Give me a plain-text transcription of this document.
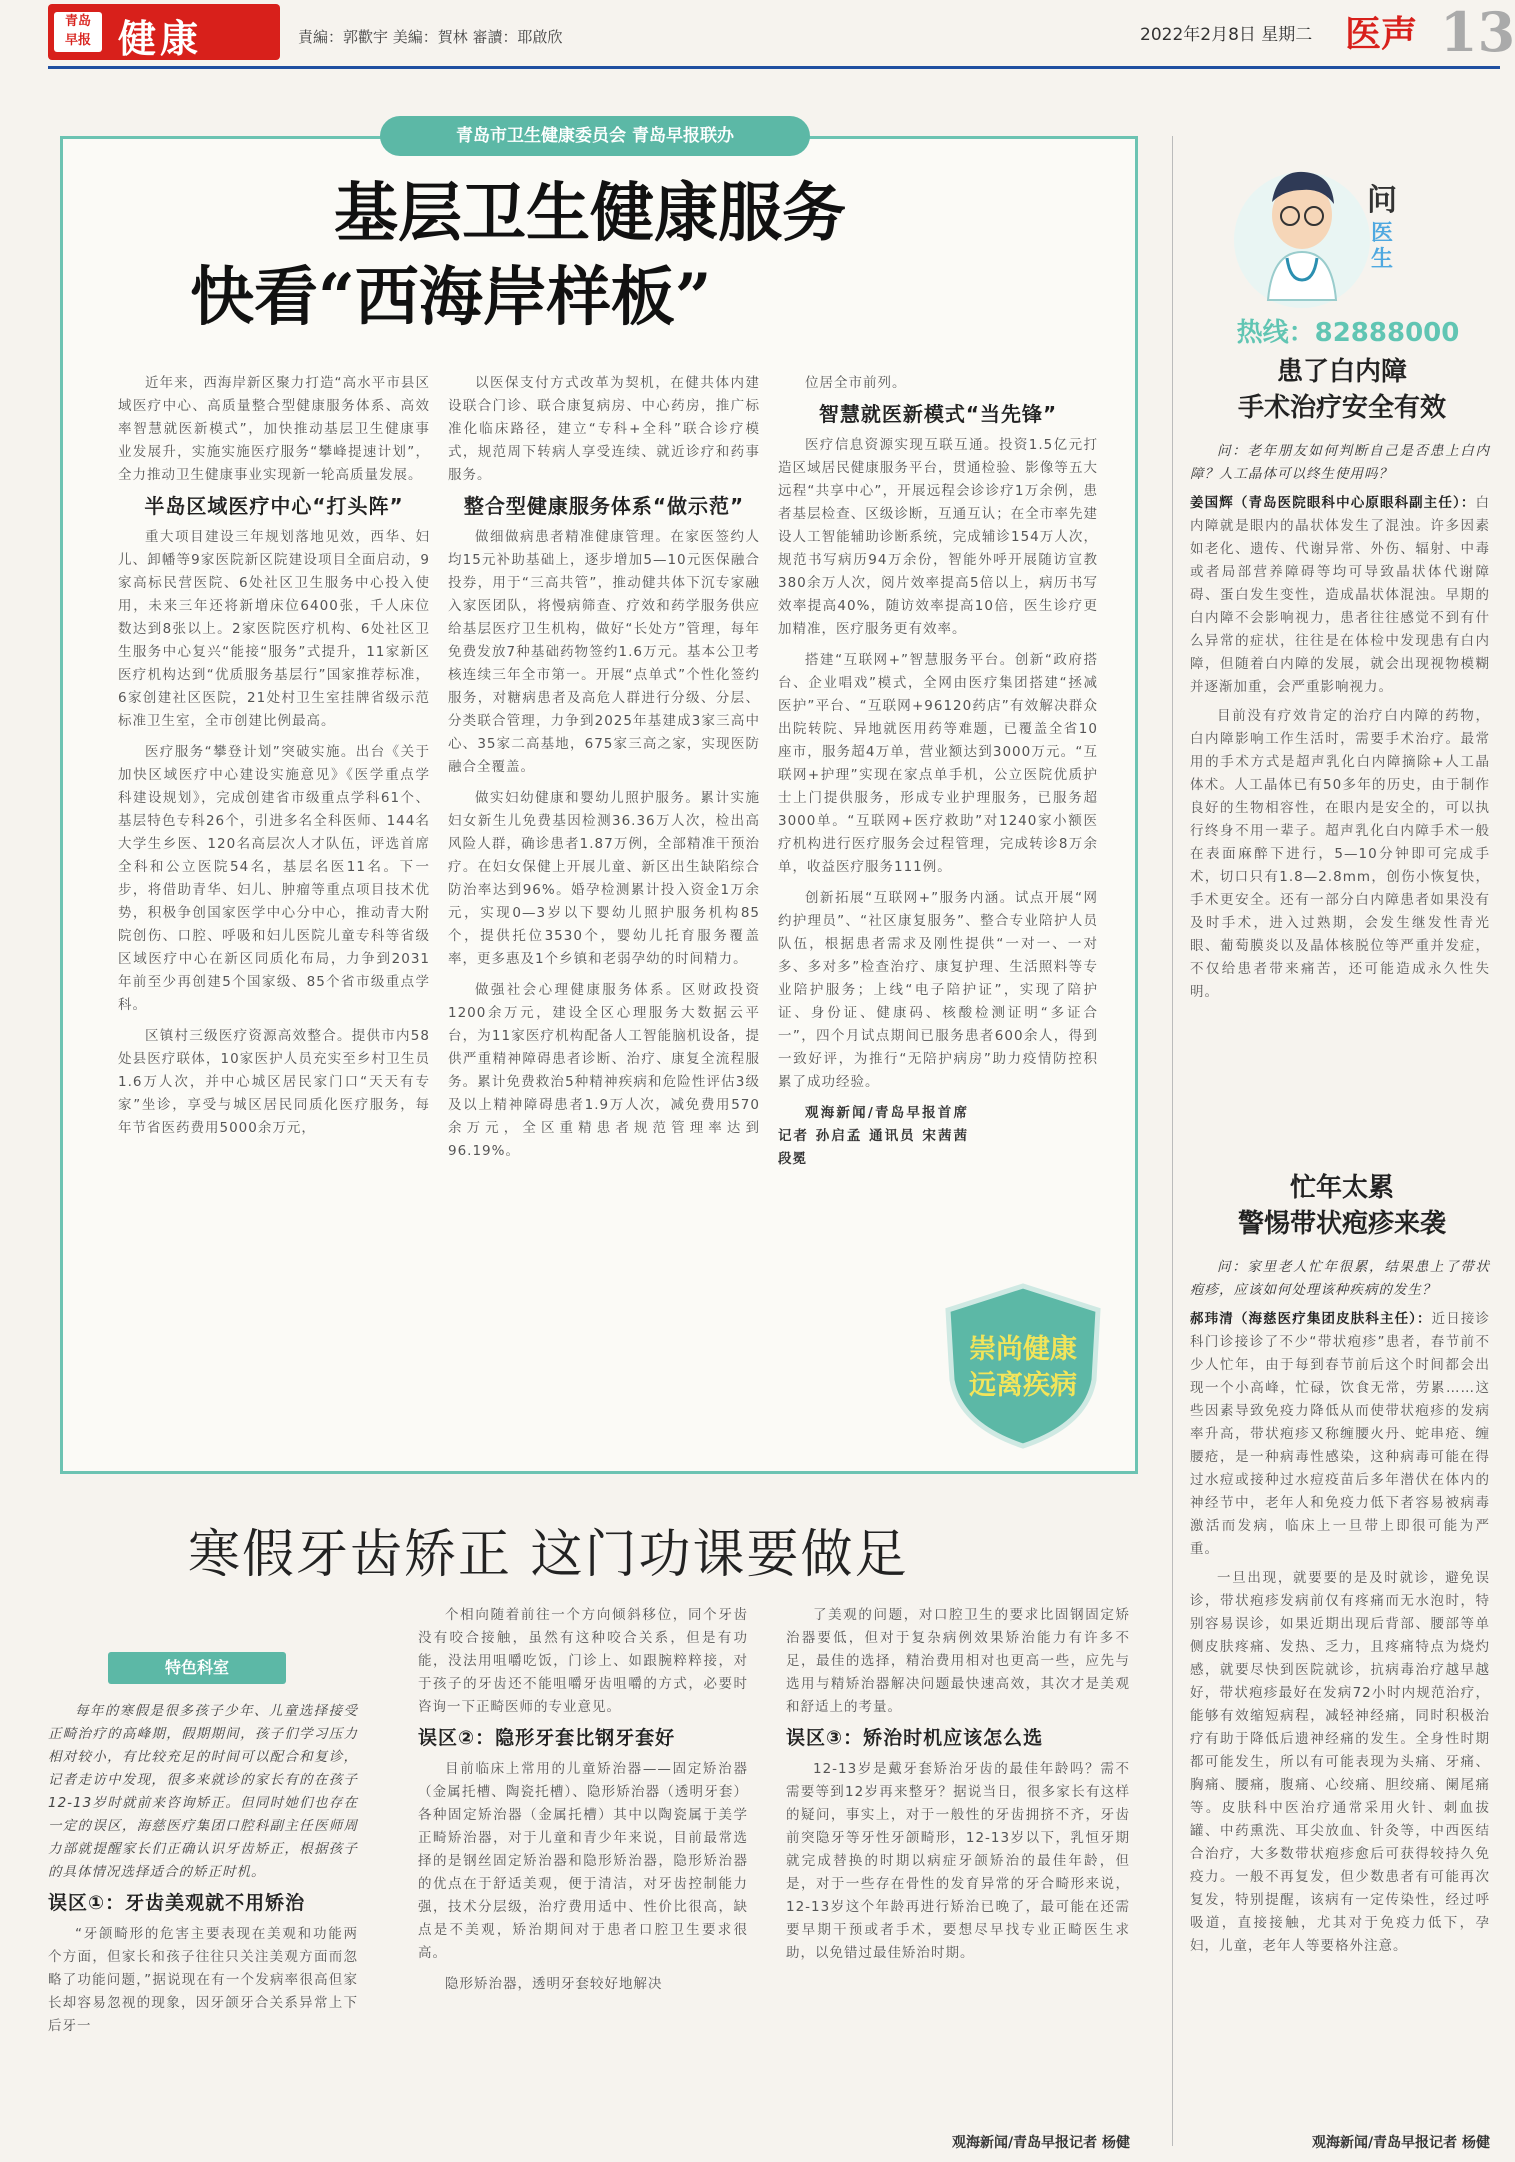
青岛
早报 健康	責編：郭歡宇 美編：賀林 審讀：耶啟欣	2022年2月8日 星期二 医声 13
青岛市卫生健康委员会 青岛早报联办
基层卫生健康服务
快看“西海岸样板”

近年来，西海岸新区聚力打造“高水平市县区域医疗中心、高质量整合型健康服务体系、高效率智慧就医新模式”，加快推动基层卫生健康事业发展升，实施实施医疗服务“攀峰提速计划”，全力推动卫生健康事业实现新一轮高质量发展。

半岛区域医疗中心“打头阵”

重大项目建设三年规划落地见效，西华、妇儿、卸幡等9家医院新区院建设项目全面启动，9家高标民营医院、6处社区卫生服务中心投入使用，未来三年还将新增床位6400张，千人床位数达到8张以上。2家医院医疗机构、6处社区卫生服务中心复兴“能接“服务”式提升，11家新区医疗机构达到“优质服务基层行”国家推荐标准，6家创建社区医院，21处村卫生室挂牌省级示范标准卫生室，全市创建比例最高。

医疗服务“攀登计划”突破实施。出台《关于加快区域医疗中心建设实施意见》《医学重点学科建设规划》，完成创建省市级重点学科61个、基层特色专科26个，引进多名全科医师、144名大学生乡医、120名高层次人才队伍，评选首席全科和公立医院54名，基层名医11名。下一步，将借助青华、妇儿、肿瘤等重点项目技术优势，积极争创国家医学中心分中心，推动青大附院创伤、口腔、呼吸和妇儿医院儿童专科等省级区域医疗中心在新区同质化布局，力争到2031年前至少再创建5个国家级、85个省市级重点学科。

区镇村三级医疗资源高效整合。提供市内58处县医疗联体，10家医护人员充实至乡村卫生员1.6万人次，并中心城区居民家门口“天天有专家”坐诊，享受与城区居民同质化医疗服务，每年节省医药费用5000余万元，

以医保支付方式改革为契机，在健共体内建设联合门诊、联合康复病房、中心药房，推广标准化临床路径，建立“专科+全科”联合诊疗模式，规范周下转病人享受连续、就近诊疗和药事服务。

整合型健康服务体系“做示范”

做细做病患者精准健康管理。在家医签约人均15元补助基础上，逐步增加5—10元医保融合投券，用于“三高共管”，推动健共体下沉专家融入家医团队，将慢病筛查、疗效和药学服务供应给基层医疗卫生机构，做好“长处方”管理，每年免费发放7种基础药物签约1.6万元。基本公卫考核连续三年全市第一。开展“点单式”个性化签约服务，对糖病患者及高危人群进行分级、分层、分类联合管理，力争到2025年基建成3家三高中心、35家二高基地，675家三高之家，实现医防融合全覆盖。

做实妇幼健康和婴幼儿照护服务。累计实施妇女新生儿免费基因检测36.36万人次，检出高风险人群，确诊患者1.87万例，全部精准干预治疗。在妇女保健上开展儿童、新区出生缺陷综合防治率达到96%。婚孕检测累计投入资金1万余元，实现0—3岁以下婴幼儿照护服务机构85个，提供托位3530个，婴幼儿托育服务覆盖率，更多惠及1个乡镇和老弱孕幼的时间精力。

做强社会心理健康服务体系。区财政投资1200余万元，建设全区心理服务大数据云平台，为11家医疗机构配备人工智能脑机设备，提供严重精神障碍患者诊断、治疗、康复全流程服务。累计免费救治5种精神疾病和危险性评估3级及以上精神障碍患者1.9万人次，减免费用570余万元，全区重精患者规范管理率达到96.19%。

位居全市前列。

智慧就医新模式“当先锋”

医疗信息资源实现互联互通。投资1.5亿元打造区域居民健康服务平台，贯通检验、影像等五大远程“共享中心”，开展远程会诊诊疗1万余例，患者基层检查、区级诊断，互通互认；在全市率先建设人工智能辅助诊断系统，完成辅诊154万人次，规范书写病历94万余份，智能外呼开展随访宣教380余万人次，阅片效率提高5倍以上，病历书写效率提高40%，随访效率提高10倍，医生诊疗更加精准，医疗服务更有效率。

搭建“互联网+”智慧服务平台。创新“政府搭台、企业唱戏”模式，全网由医疗集团搭建“拯减医护”平台、“互联网+96120药店”有效解决群众出院转院、异地就医用药等难题，已覆盖全省10座市，服务超4万单，营业额达到3000万元。“互联网+护理”实现在家点单手机，公立医院优质护士上门提供服务，形成专业护理服务，已服务超3000单。“互联网+医疗救助”对1240家小额医疗机构进行医疗服务会过程管理，完成转诊8万余单，收益医疗服务111例。

创新拓展“互联网+”服务内涵。试点开展“网约护理员”、“社区康复服务”、整合专业陪护人员队伍，根据患者需求及刚性提供“一对一、一对多、多对多”检查治疗、康复护理、生活照料等专业陪护服务；上线“电子陪护证”，实现了陪护证、身份证、健康码、核酸检测证明“多证合一”，四个月试点期间已服务患者600余人，得到一致好评，为推行“无陪护病房”助力疫情防控积累了成功经验。

观海新闻/青岛早报首席记者 孙启孟 通讯员 宋茜茜 段冕

崇尚健康
远离疾病
寒假牙齿矫正 这门功课要做足
特色科室

每年的寒假是很多孩子少年、儿童选择接受正畸治疗的高峰期，假期期间，孩子们学习压力相对较小，有比较充足的时间可以配合和复诊，记者走访中发现，很多来就诊的家长有的在孩子12-13岁时就前来咨询矫正。但同时她们也存在一定的误区，海慈医疗集团口腔科副主任医师周力部就提醒家长们正确认识牙齿矫正，根据孩子的具体情况选择适合的矫正时机。

误区①：牙齿美观就不用矫治

“牙颌畸形的危害主要表现在美观和功能两个方面，但家长和孩子往往只关注美观方面而忽略了功能问题，”据说现在有一个发病率很高但家长却容易忽视的现象，因牙颌牙合关系异常上下后牙一

个相向随着前往一个方向倾斜移位，同个牙齿没有咬合接触，虽然有这种咬合关系，但是有功能，没法用咀嚼吃饭，门诊上、如跟腕粹粹接，对于孩子的牙齿还不能咀嚼牙齿咀嚼的方式，必要时咨询一下正畸医师的专业意见。

误区②：隐形牙套比钢牙套好

目前临床上常用的儿童矫治器——固定矫治器（金属托槽、陶瓷托槽）、隐形矫治器（透明牙套）各种固定矫治器（金属托槽）其中以陶瓷属于美学正畸矫治器，对于儿童和青少年来说，目前最常选择的是钢丝固定矫治器和隐形矫治器，隐形矫治器的优点在于舒适美观，便于清洁，对牙齿控制能力强，技术分层级，治疗费用适中、性价比很高，缺点是不美观，矫治期间对于患者口腔卫生要求很高。

隐形矫治器，透明牙套较好地解决

了美观的问题，对口腔卫生的要求比固钢固定矫治器要低，但对于复杂病例效果矫治能力有许多不足，最佳的选择，精治费用相对也更高一些，应先与选用与精矫治器解决问题最快速高效，其次才是美观和舒适上的考量。

误区③：矫治时机应该怎么选

12-13岁是戴牙套矫治牙齿的最佳年龄吗？需不需要等到12岁再来整牙？据说当日，很多家长有这样的疑问，事实上，对于一般性的牙齿拥挤不齐，牙齿前突隐牙等牙性牙颌畸形，12-13岁以下，乳恒牙期就完成替换的时期以病症牙颌矫治的最佳年龄，但是，对于一些存在骨性的发育异常的牙合畸形来说，12-13岁这个年龄再进行矫治已晚了，最可能在还需要早期干预或者手术，要想尽早找专业正畸医生求助，以免错过最佳矫治时期。

观海新闻/青岛早报记者 杨健
问
医
生
热线：82888000
患了白内障
手术治疗安全有效

问：老年朋友如何判断自己是否患上白内障？人工晶体可以终生使用吗？

姜国辉（青岛医院眼科中心原眼科副主任）：白内障就是眼内的晶状体发生了混浊。许多因素如老化、遗传、代谢异常、外伤、辐射、中毒或者局部营养障碍等均可导致晶状体代谢障碍、蛋白发生变性，造成晶状体混浊。早期的白内障不会影响视力，患者往往感觉不到有什么异常的症状，往往是在体检中发现患有白内障，但随着白内障的发展，就会出现视物模糊并逐渐加重，会严重影响视力。

目前没有疗效肯定的治疗白内障的药物，白内障影响工作生活时，需要手术治疗。最常用的手术方式是超声乳化白内障摘除+人工晶体术。人工晶体已有50多年的历史，由于制作良好的生物相容性，在眼内是安全的，可以执行终身不用一辈子。超声乳化白内障手术一般在表面麻醉下进行，5—10分钟即可完成手术，切口只有1.8—2.8mm，创伤小恢复快，手术更安全。还有一部分白内障患者如果没有及时手术，进入过熟期，会发生继发性青光眼、葡萄膜炎以及晶体核脱位等严重并发症，不仅给患者带来痛苦，还可能造成永久性失明。

忙年太累
警惕带状疱疹来袭

问：家里老人忙年很累，结果患上了带状疱疹，应该如何处理该种疾病的发生？

郝玮清（海慈医疗集团皮肤科主任）：近日接诊科门诊接诊了不少“带状疱疹”患者，春节前不少人忙年，由于每到春节前后这个时间都会出现一个小高峰，忙碌，饮食无常，劳累……这些因素导致免疫力降低从而使带状疱疹的发病率升高，带状疱疹又称缠腰火丹、蛇串疮、缠腰疮，是一种病毒性感染，这种病毒可能在得过水痘或接种过水痘疫苗后多年潜伏在体内的神经节中，老年人和免疫力低下者容易被病毒激活而发病，临床上一旦带上即很可能为严重。

一旦出现，就要要的是及时就诊，避免误诊，带状疱疹发病前仅有疼痛而无水泡时，特别容易误诊，如果近期出现后背部、腰部等单侧皮肤疼痛、发热、乏力，且疼痛特点为烧灼感，就要尽快到医院就诊，抗病毒治疗越早越好，带状疱疹最好在发病72小时内规范治疗，能够有效缩短病程，减轻神经痛，同时积极治疗有助于降低后遗神经痛的发生。全身性时期都可能发生，所以有可能表现为头痛、牙痛、胸痛、腰痛，腹痛、心绞痛、胆绞痛、阑尾痛等。皮肤科中医治疗通常采用火针、刺血拔罐、中药熏洗、耳尖放血、针灸等，中西医结合治疗，大多数带状疱疹愈后可获得较持久免疫力。一般不再复发，但少数患者有可能再次复发，特别提醒，该病有一定传染性，经过呼吸道，直接接触，尤其对于免疫力低下，孕妇，儿童，老年人等要格外注意。

观海新闻/青岛早报记者 杨健
